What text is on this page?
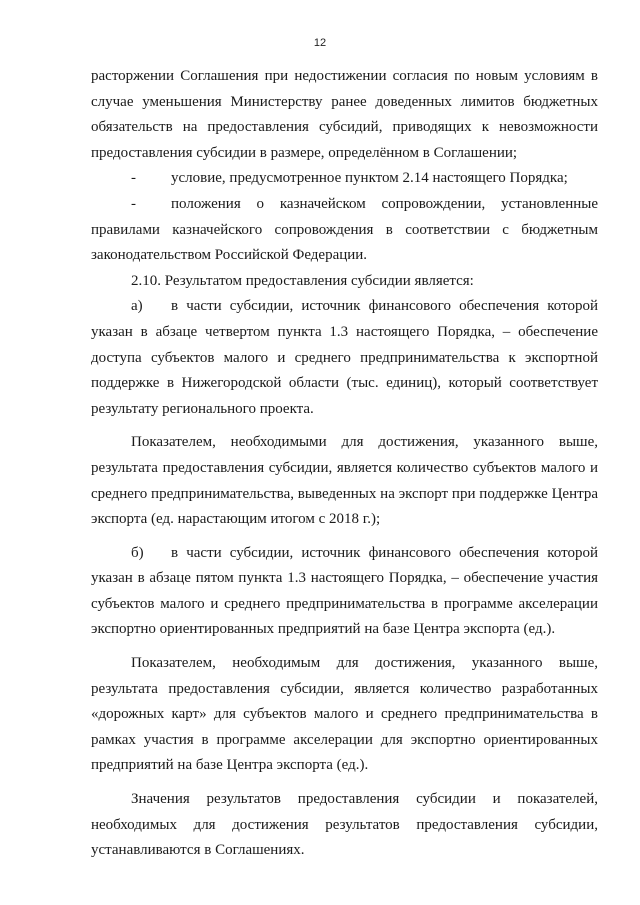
12

расторжении Соглашения при недостижении согласия по новым условиям в случае уменьшения Министерству ранее доведенных лимитов бюджетных обязательств на предоставления субсидий, приводящих к невозможности предоставления субсидии в размере, определённом в Соглашении;

- условие, предусмотренное пунктом 2.14 настоящего Порядка;

- положения о казначейском сопровождении, установленные правилами казначейского сопровождения в соответствии с бюджетным законодательством Российской Федерации.

2.10. Результатом предоставления субсидии является:

а) в части субсидии, источник финансового обеспечения которой указан в абзаце четвертом пункта 1.3 настоящего Порядка, – обеспечение доступа субъектов малого и среднего предпринимательства к экспортной поддержке в Нижегородской области (тыс. единиц), который соответствует результату регионального проекта.

Показателем, необходимыми для достижения, указанного выше, результата предоставления субсидии, является количество субъектов малого и среднего предпринимательства, выведенных на экспорт при поддержке Центра экспорта (ед. нарастающим итогом с 2018 г.);

б) в части субсидии, источник финансового обеспечения которой указан в абзаце пятом пункта 1.3 настоящего Порядка, – обеспечение участия субъектов малого и среднего предпринимательства в программе акселерации экспортно ориентированных предприятий на базе Центра экспорта (ед.).

Показателем, необходимым для достижения, указанного выше, результата предоставления субсидии, является количество разработанных «дорожных карт» для субъектов малого и среднего предпринимательства в рамках участия в программе акселерации для экспортно ориентированных предприятий на базе Центра экспорта (ед.).

Значения результатов предоставления субсидии и показателей, необходимых для достижения результатов предоставления субсидии, устанавливаются в Соглашениях.
